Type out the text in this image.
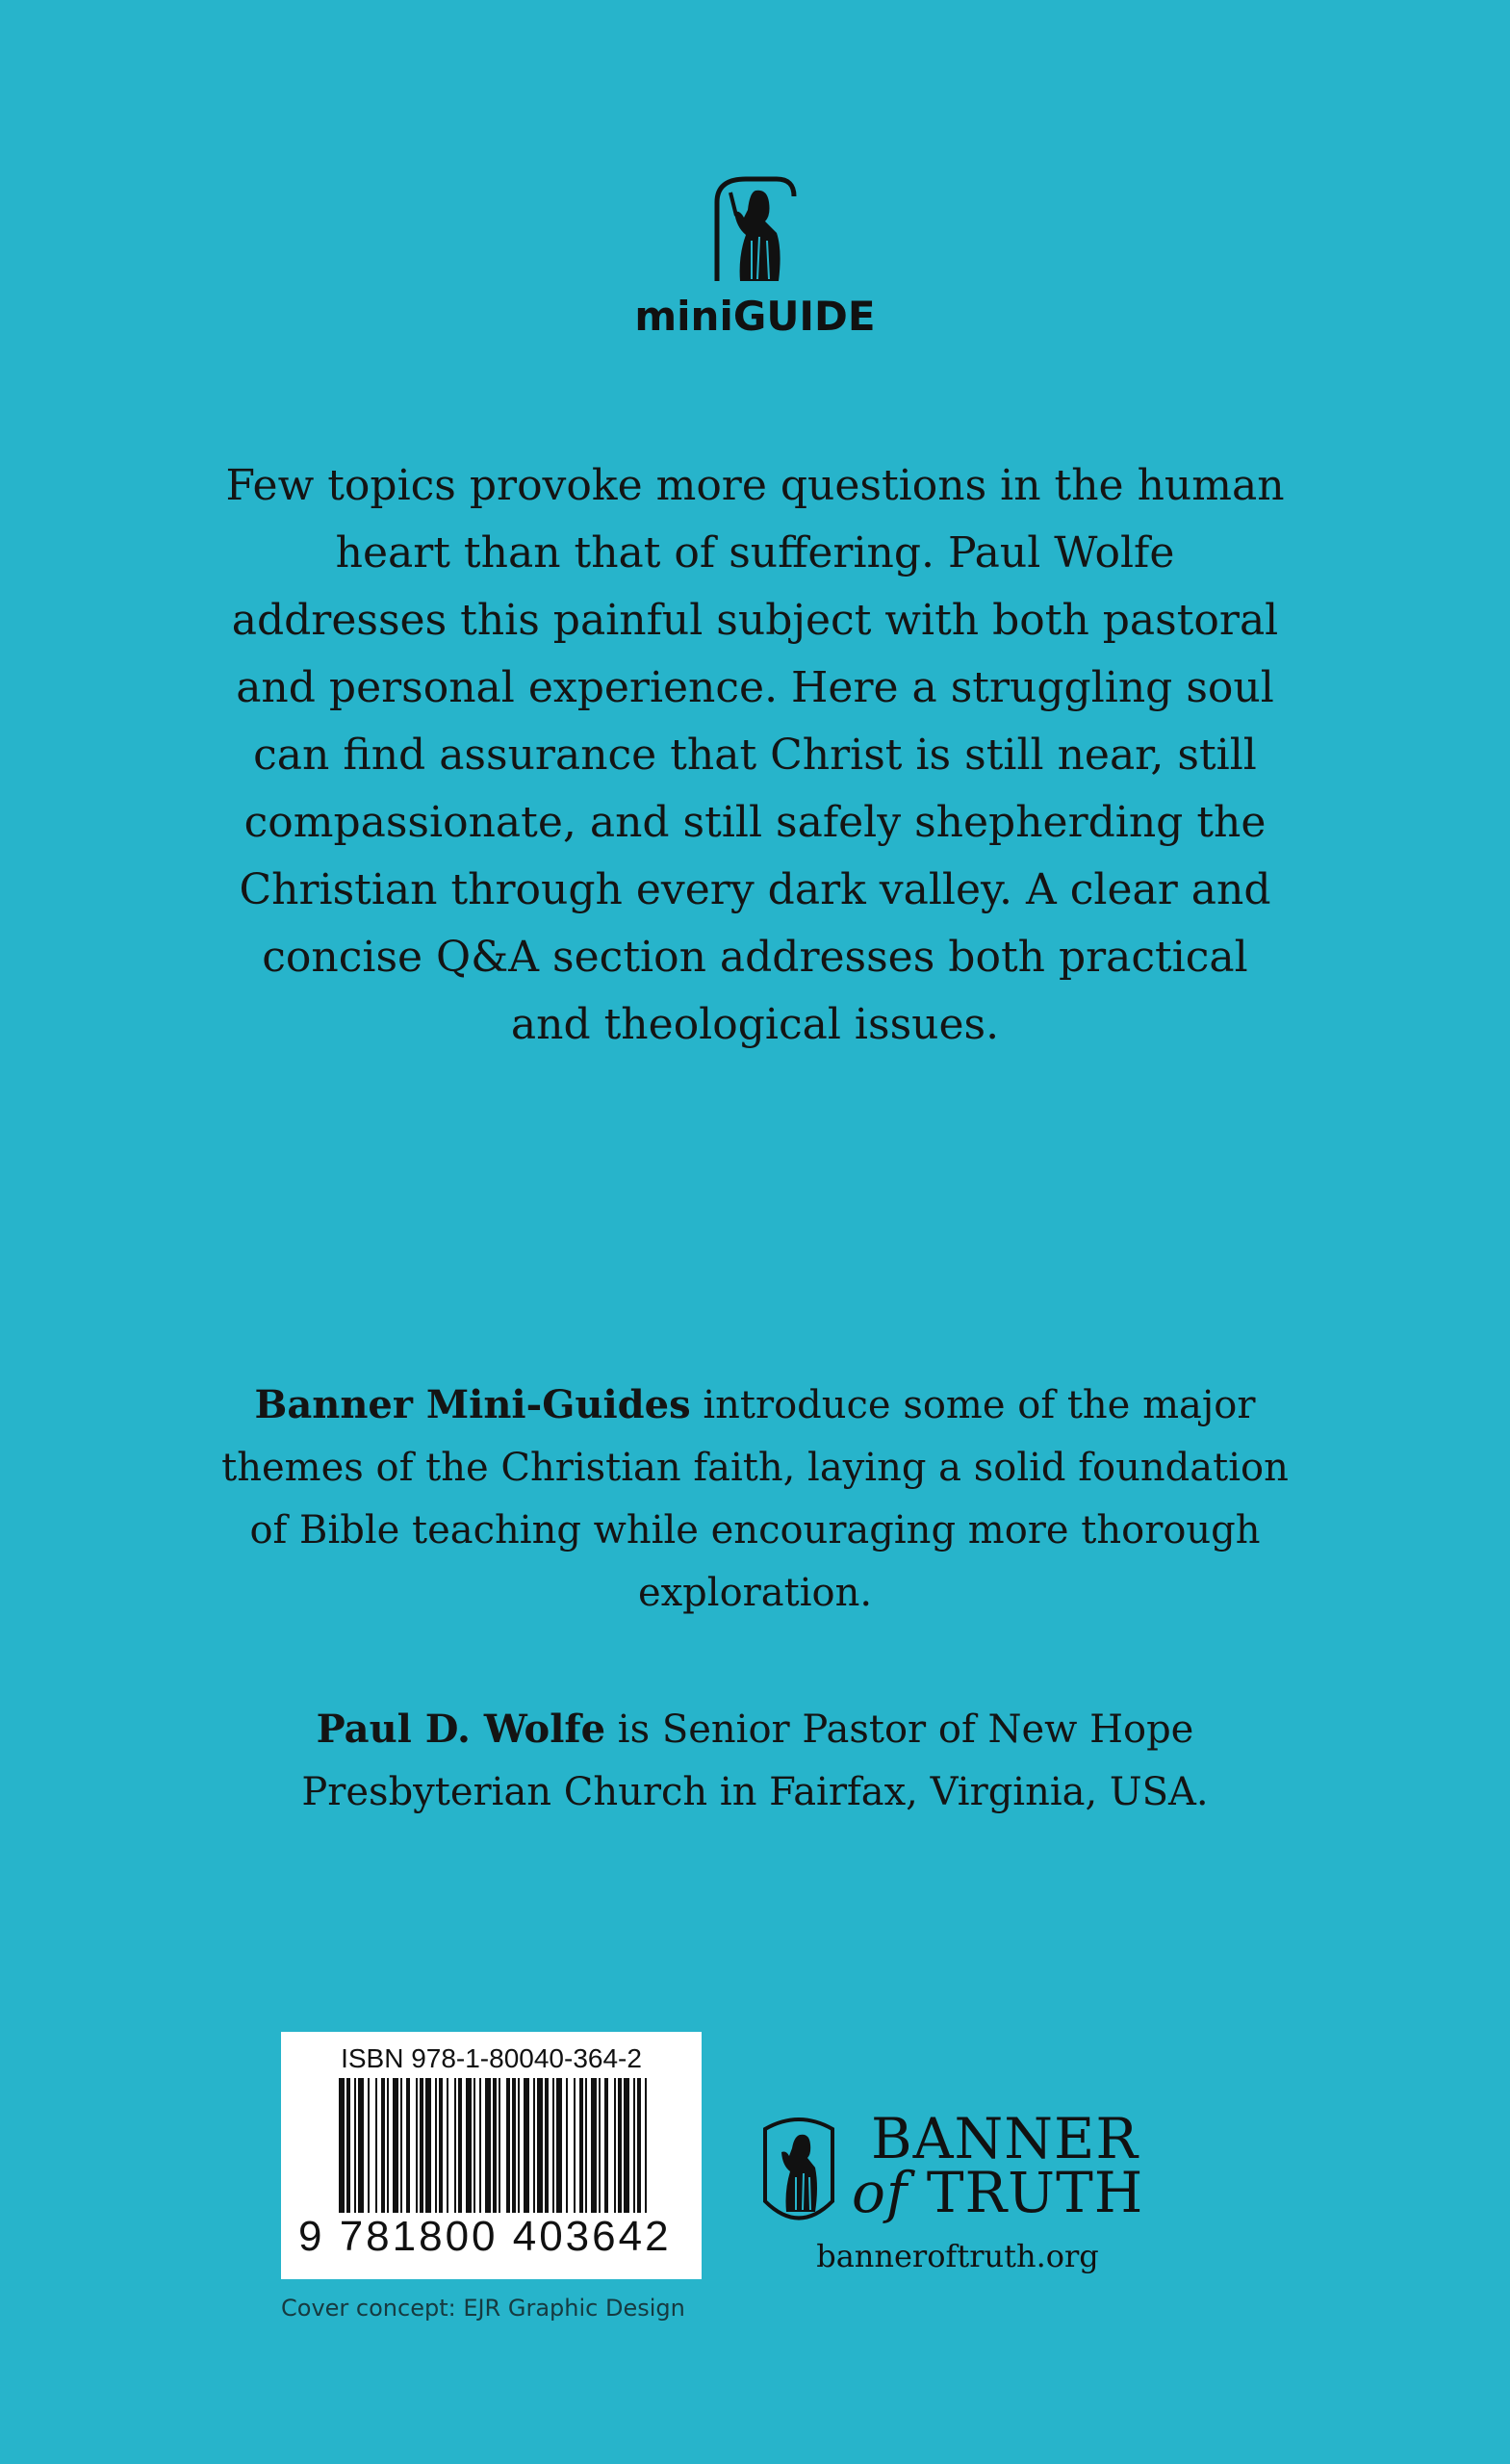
miniGUIDE
Few topics provoke more questions in the human heart than that of suffering. Paul Wolfe addresses this painful subject with both pastoral and personal experience. Here a struggling soul can find assurance that Christ is still near, still compassionate, and still safely shepherding the Christian through every dark valley. A clear and concise Q&A section addresses both practical and theological issues.
Banner Mini-Guides introduce some of the major themes of the Christian faith, laying a solid foundation of Bible teaching while encouraging more thorough exploration.
Paul D. Wolfe is Senior Pastor of New Hope Presbyterian Church in Fairfax, Virginia, USA.
ISBN 978-1-80040-364-2
9 781800 403642
Cover concept: EJR Graphic Design
BANNER
of TRUTH
banneroftruth.org
